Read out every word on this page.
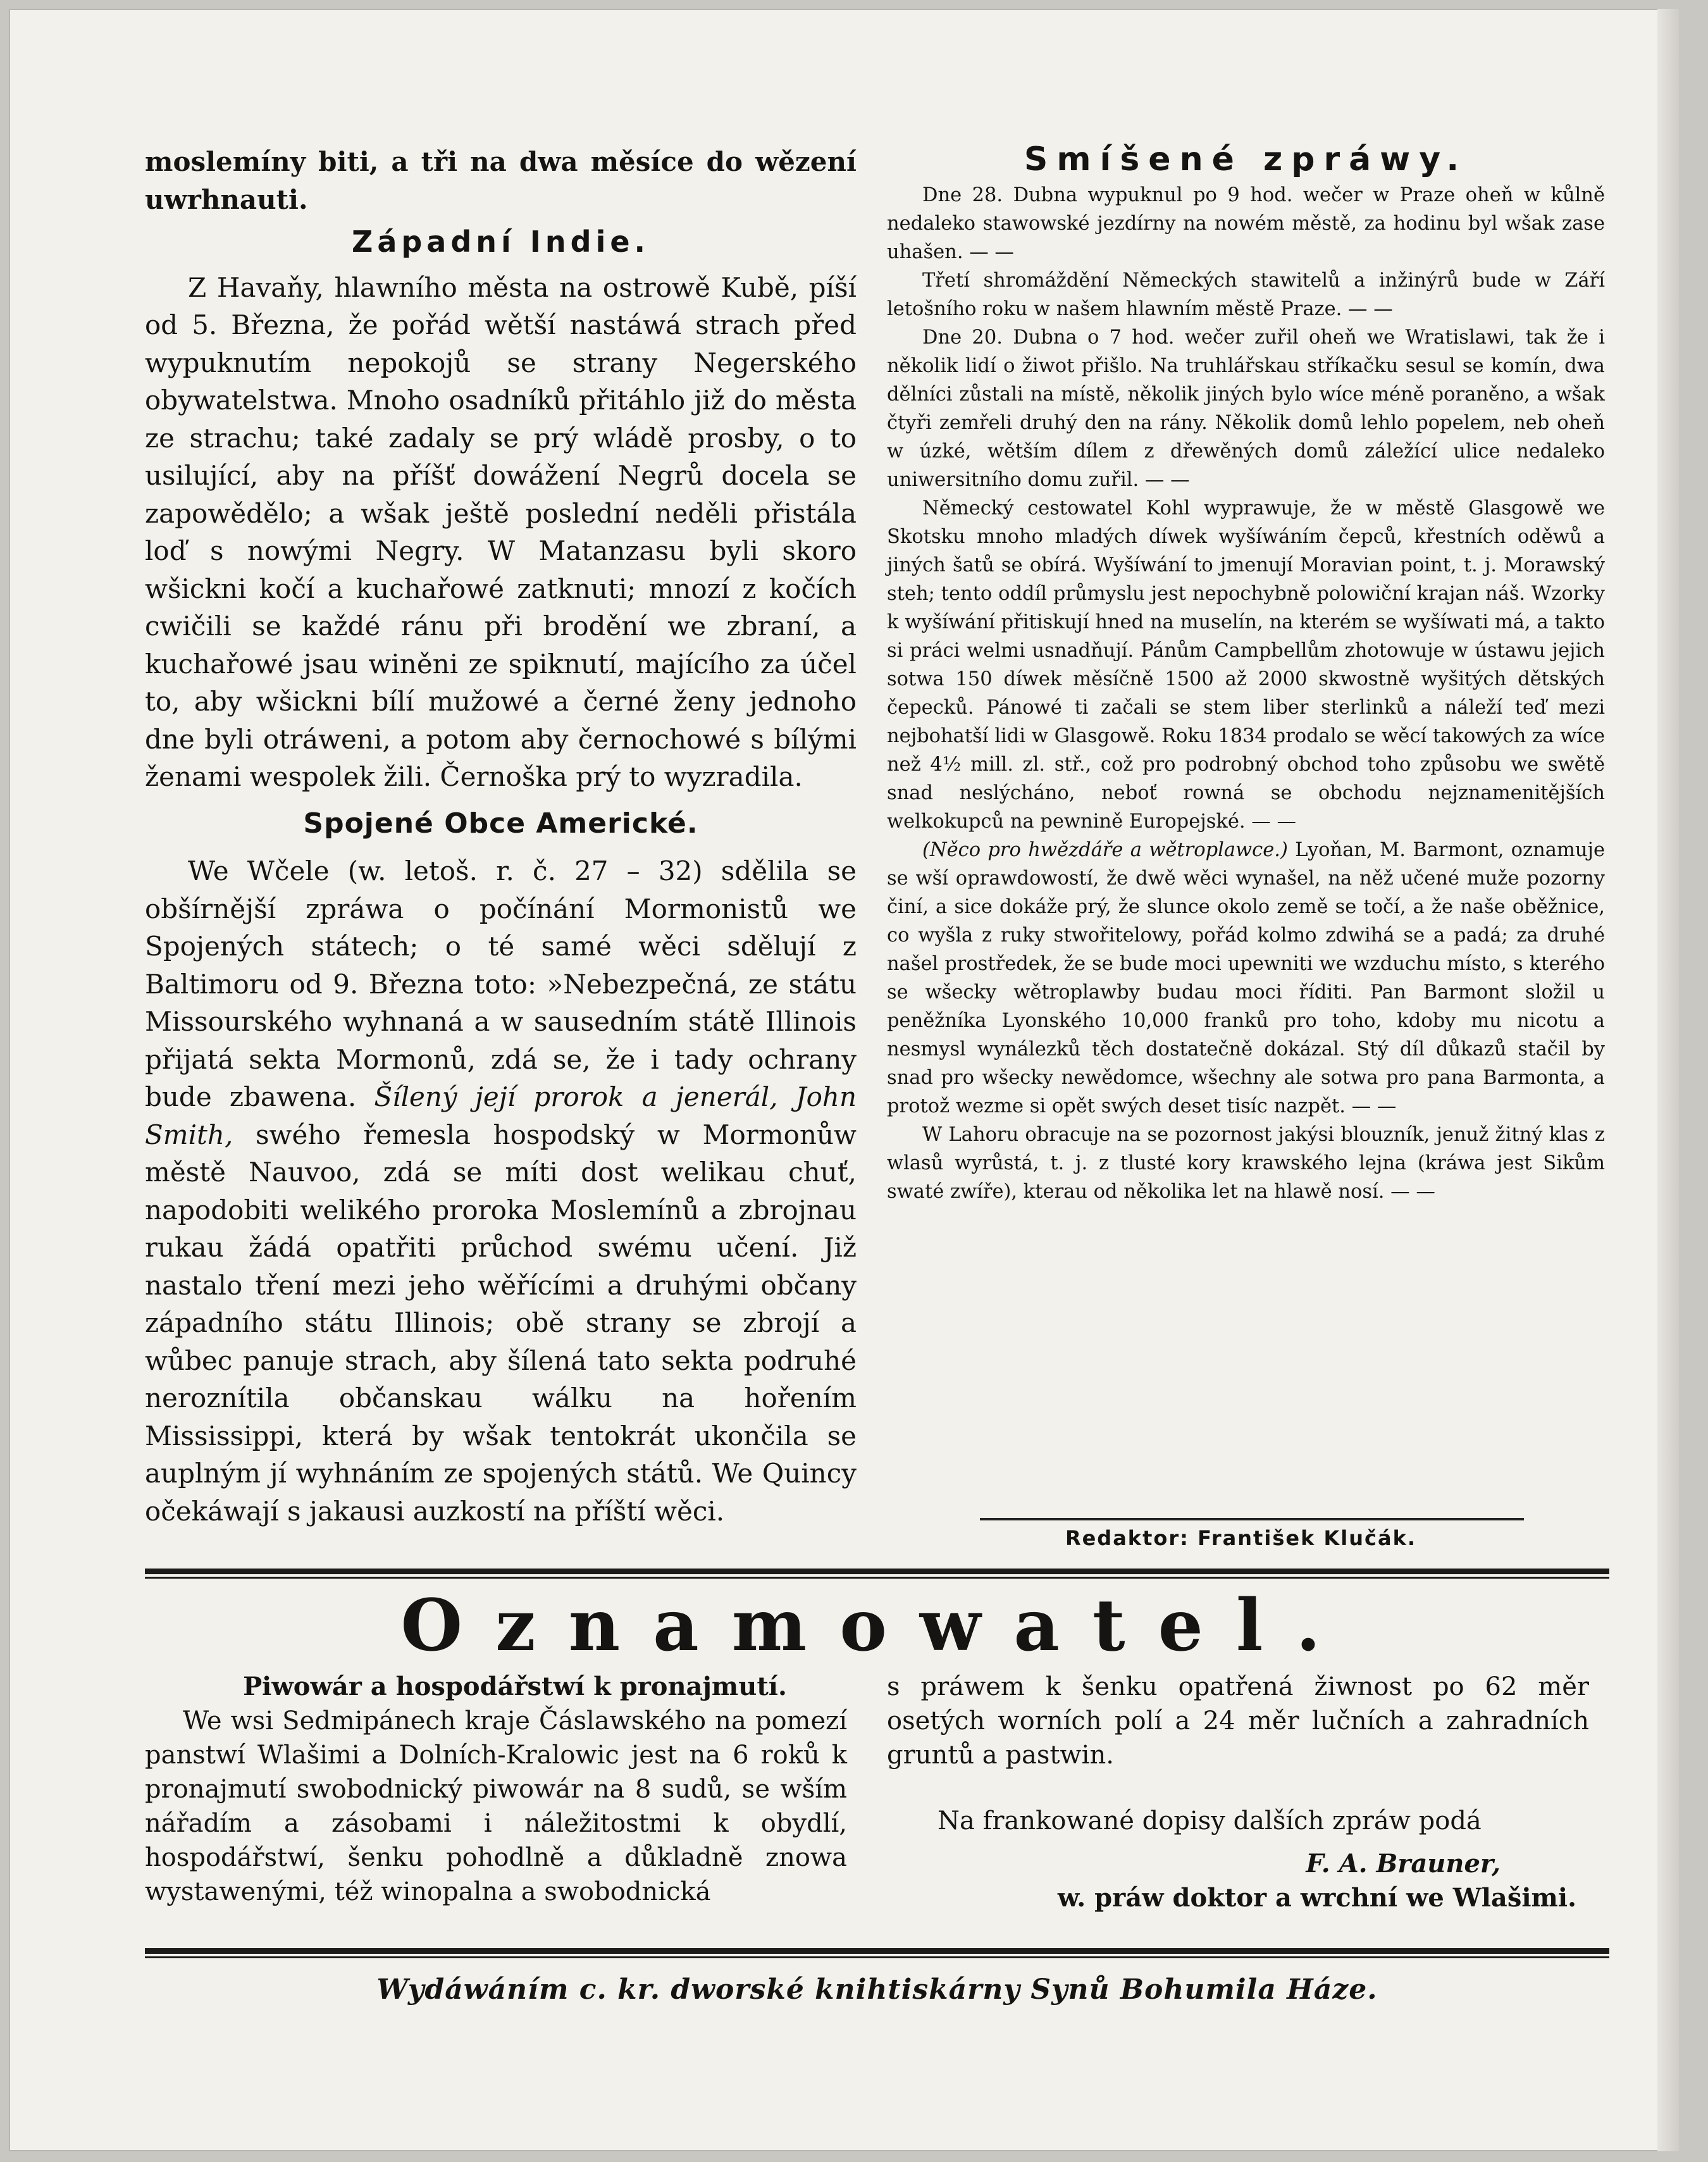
moslemíny biti, a tři na dwa měsíce do wězení uwrhnauti.

Západní Indie.

Z Havaňy, hlawního města na ostrowě Kubě, píší od 5. Března, že pořád wětší nastáwá strach před wypuknutím nepokojů se strany Negerského obywatelstwa. Mnoho osadníků přitáhlo již do města ze strachu; také zadaly se prý wládě prosby, o to usilující, aby na příšť dowážení Negrů docela se zapowědělo; a wšak ještě poslední neděli přistála loď s nowými Negry. W Matanzasu byli skoro wšickni kočí a kuchařowé zatknuti; mnozí z kočích cwičili se každé ránu při brodění we zbraní, a kuchařowé jsau winěni ze spiknutí, majícího za účel to, aby wšickni bílí mužowé a černé ženy jednoho dne byli otráweni, a potom aby černochowé s bílými ženami wespolek žili. Černoška prý to wyzradila.

Spojené Obce Americké.

We Wčele (w. letoš. r. č. 27 – 32) sdělila se obšírnější zpráwa o počínání Mormonistů we Spojených státech; o té samé wěci sdělují z Baltimoru od 9. Března toto: »Nebezpečná, ze státu Missourského wyhnaná a w sausedním státě Illinois přijatá sekta Mormonů, zdá se, že i tady ochrany bude zbawena. Šílený její prorok a jenerál, John Smith, swého řemesla hospodský w Mormonůw městě Nauvoo, zdá se míti dost welikau chuť, napodobiti welikého proroka Moslemínů a zbrojnau rukau žádá opatřiti průchod swému učení. Již nastalo tření mezi jeho wěřícími a druhými občany západního státu Illinois; obě strany se zbrojí a wůbec panuje strach, aby šílená tato sekta podruhé neroznítila občanskau wálku na hořením Mississippi, která by wšak tentokrát ukončila se auplným jí wyhnáním ze spojených států. We Quincy očekáwají s jakausi auzkostí na příští wěci.

Smíšené zpráwy.

Dne 28. Dubna wypuknul po 9 hod. wečer w Praze oheň w kůlně nedaleko stawowské jezdírny na nowém městě, za hodinu byl wšak zase uhašen. — —

Třetí shromáždění Německých stawitelů a inžinýrů bude w Září letošního roku w našem hlawním městě Praze. — —

Dne 20. Dubna o 7 hod. wečer zuřil oheň we Wratislawi, tak že i několik lidí o žiwot přišlo. Na truhlářskau stříkačku sesul se komín, dwa dělníci zůstali na místě, několik jiných bylo wíce méně poraněno, a wšak čtyři zemřeli druhý den na rány. Několik domů lehlo popelem, neb oheň w úzké, wětším dílem z dřewěných domů záležící ulice nedaleko uniwersitního domu zuřil. — —

Německý cestowatel Kohl wyprawuje, že w městě Glasgowě we Skotsku mnoho mladých díwek wyšíwáním čepců, křestních oděwů a jiných šatů se obírá. Wyšíwání to jmenují Moravian point, t. j. Morawský steh; tento oddíl průmyslu jest nepochybně polowiční krajan náš. Wzorky k wyšíwání přitiskují hned na muselín, na kterém se wyšíwati má, a takto si práci welmi usnadňují. Pánům Campbellům zhotowuje w ústawu jejich sotwa 150 díwek měsíčně 1500 až 2000 skwostně wyšitých dětských čepecků. Pánowé ti začali se stem liber sterlinků a náleží teď mezi nejbohatší lidi w Glasgowě. Roku 1834 prodalo se wěcí takowých za wíce než 4½ mill. zl. stř., což pro podrobný obchod toho způsobu we swětě snad neslýcháno, neboť rowná se obchodu nejznamenitějších welkokupců na pewnině Europejské. — —

(Něco pro hwězdáře a wětroplawce.) Lyoňan, M. Barmont, oznamuje se wší oprawdowostí, že dwě wěci wynašel, na něž učené muže pozorny činí, a sice dokáže prý, že slunce okolo země se točí, a že naše oběžnice, co wyšla z ruky stwořitelowy, pořád kolmo zdwihá se a padá; za druhé našel prostředek, že se bude moci upewniti we wzduchu místo, s kterého se wšecky wětroplawby budau moci říditi. Pan Barmont složil u peněžníka Lyonského 10,000 franků pro toho, kdoby mu nicotu a nesmysl wynálezků těch dostatečně dokázal. Stý díl důkazů stačil by snad pro wšecky newědomce, wšechny ale sotwa pro pana Barmonta, a protož wezme si opět swých deset tisíc nazpět. — —

W Lahoru obracuje na se pozornost jakýsi blouzník, jenuž žitný klas z wlasů wyrůstá, t. j. z tlusté kory krawského lejna (kráwa jest Sikům swaté zwíře), kterau od několika let na hlawě nosí. — —

Redaktor: František Klučák.
Oznamowatel.

Piwowár a hospodářstwí k pronajmutí.

We wsi Sedmipánech kraje Čáslawského na pomezí panstwí Wlašimi a Dolních-Kralowic jest na 6 roků k pronajmutí swobodnický piwowár na 8 sudů, se wším nářadím a zásobami i náležitostmi k obydlí, hospodářstwí, šenku pohodlně a důkladně znowa wystawenými, též winopalna a swobodnická

s práwem k šenku opatřená žiwnost po 62 měr osetých worních polí a 24 měr lučních a zahradních gruntů a pastwin.

Na frankowané dopisy dalších zpráw podá

F. A. Brauner,

w. práw doktor a wrchní we Wlašimi.

Wydáwáním c. kr. dworské knihtiskárny Synů Bohumila Háze.
